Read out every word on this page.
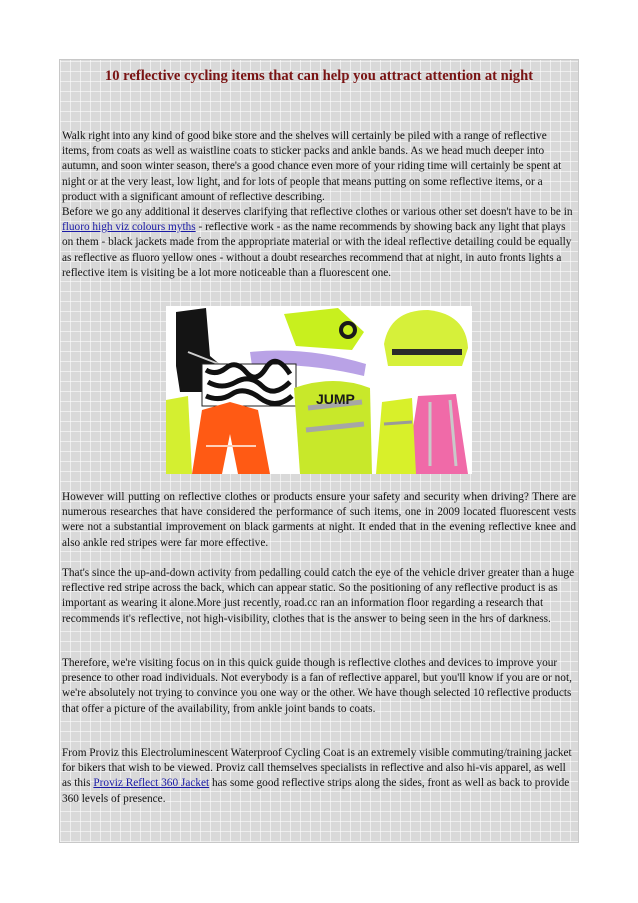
10 reflective cycling items that can help you attract attention at night

Walk right into any kind of good bike store and the shelves will certainly be piled with a range of reflective items, from coats as well as waistline coats to sticker packs and ankle bands. As we head much deeper into autumn, and soon winter season, there's a good chance even more of your riding time will certainly be spent at night or at the very least, low light, and for lots of people that means putting on some reflective items, or a product with a significant amount of reflective describing.

Before we go any additional it deserves clarifying that reflective clothes or various other set doesn't have to be in fluoro high viz colours myths - reflective work - as the name recommends by showing back any light that plays on them - black jackets made from the appropriate material or with the ideal reflective detailing could be equally as reflective as fluoro yellow ones - without a doubt researches recommend that at night, in auto fronts lights a reflective item is visiting be a lot more noticeable than a fluorescent one.

JUMP

However will putting on reflective clothes or products ensure your safety and security when driving? There are numerous researches that have considered the performance of such items, one in 2009 located fluorescent vests were not a substantial improvement on black garments at night. It ended that in the evening reflective knee and also ankle red stripes were far more effective.

That's since the up-and-down activity from pedalling could catch the eye of the vehicle driver greater than a huge reflective red stripe across the back, which can appear static. So the positioning of any reflective product is as important as wearing it alone.More just recently, road.cc ran an information floor regarding a research that recommends it's reflective, not high-visibility, clothes that is the answer to being seen in the hrs of darkness.

Therefore, we're visiting focus on in this quick guide though is reflective clothes and devices to improve your presence to other road individuals. Not everybody is a fan of reflective apparel, but you'll know if you are or not, we're absolutely not trying to convince you one way or the other. We have though selected 10 reflective products that offer a picture of the availability, from ankle joint bands to coats.

From Proviz this Electroluminescent Waterproof Cycling Coat is an extremely visible commuting/training jacket for bikers that wish to be viewed. Proviz call themselves specialists in reflective and also hi-vis apparel, as well as this Proviz Reflect 360 Jacket has some good reflective strips along the sides, front as well as back to provide 360 levels of presence.
